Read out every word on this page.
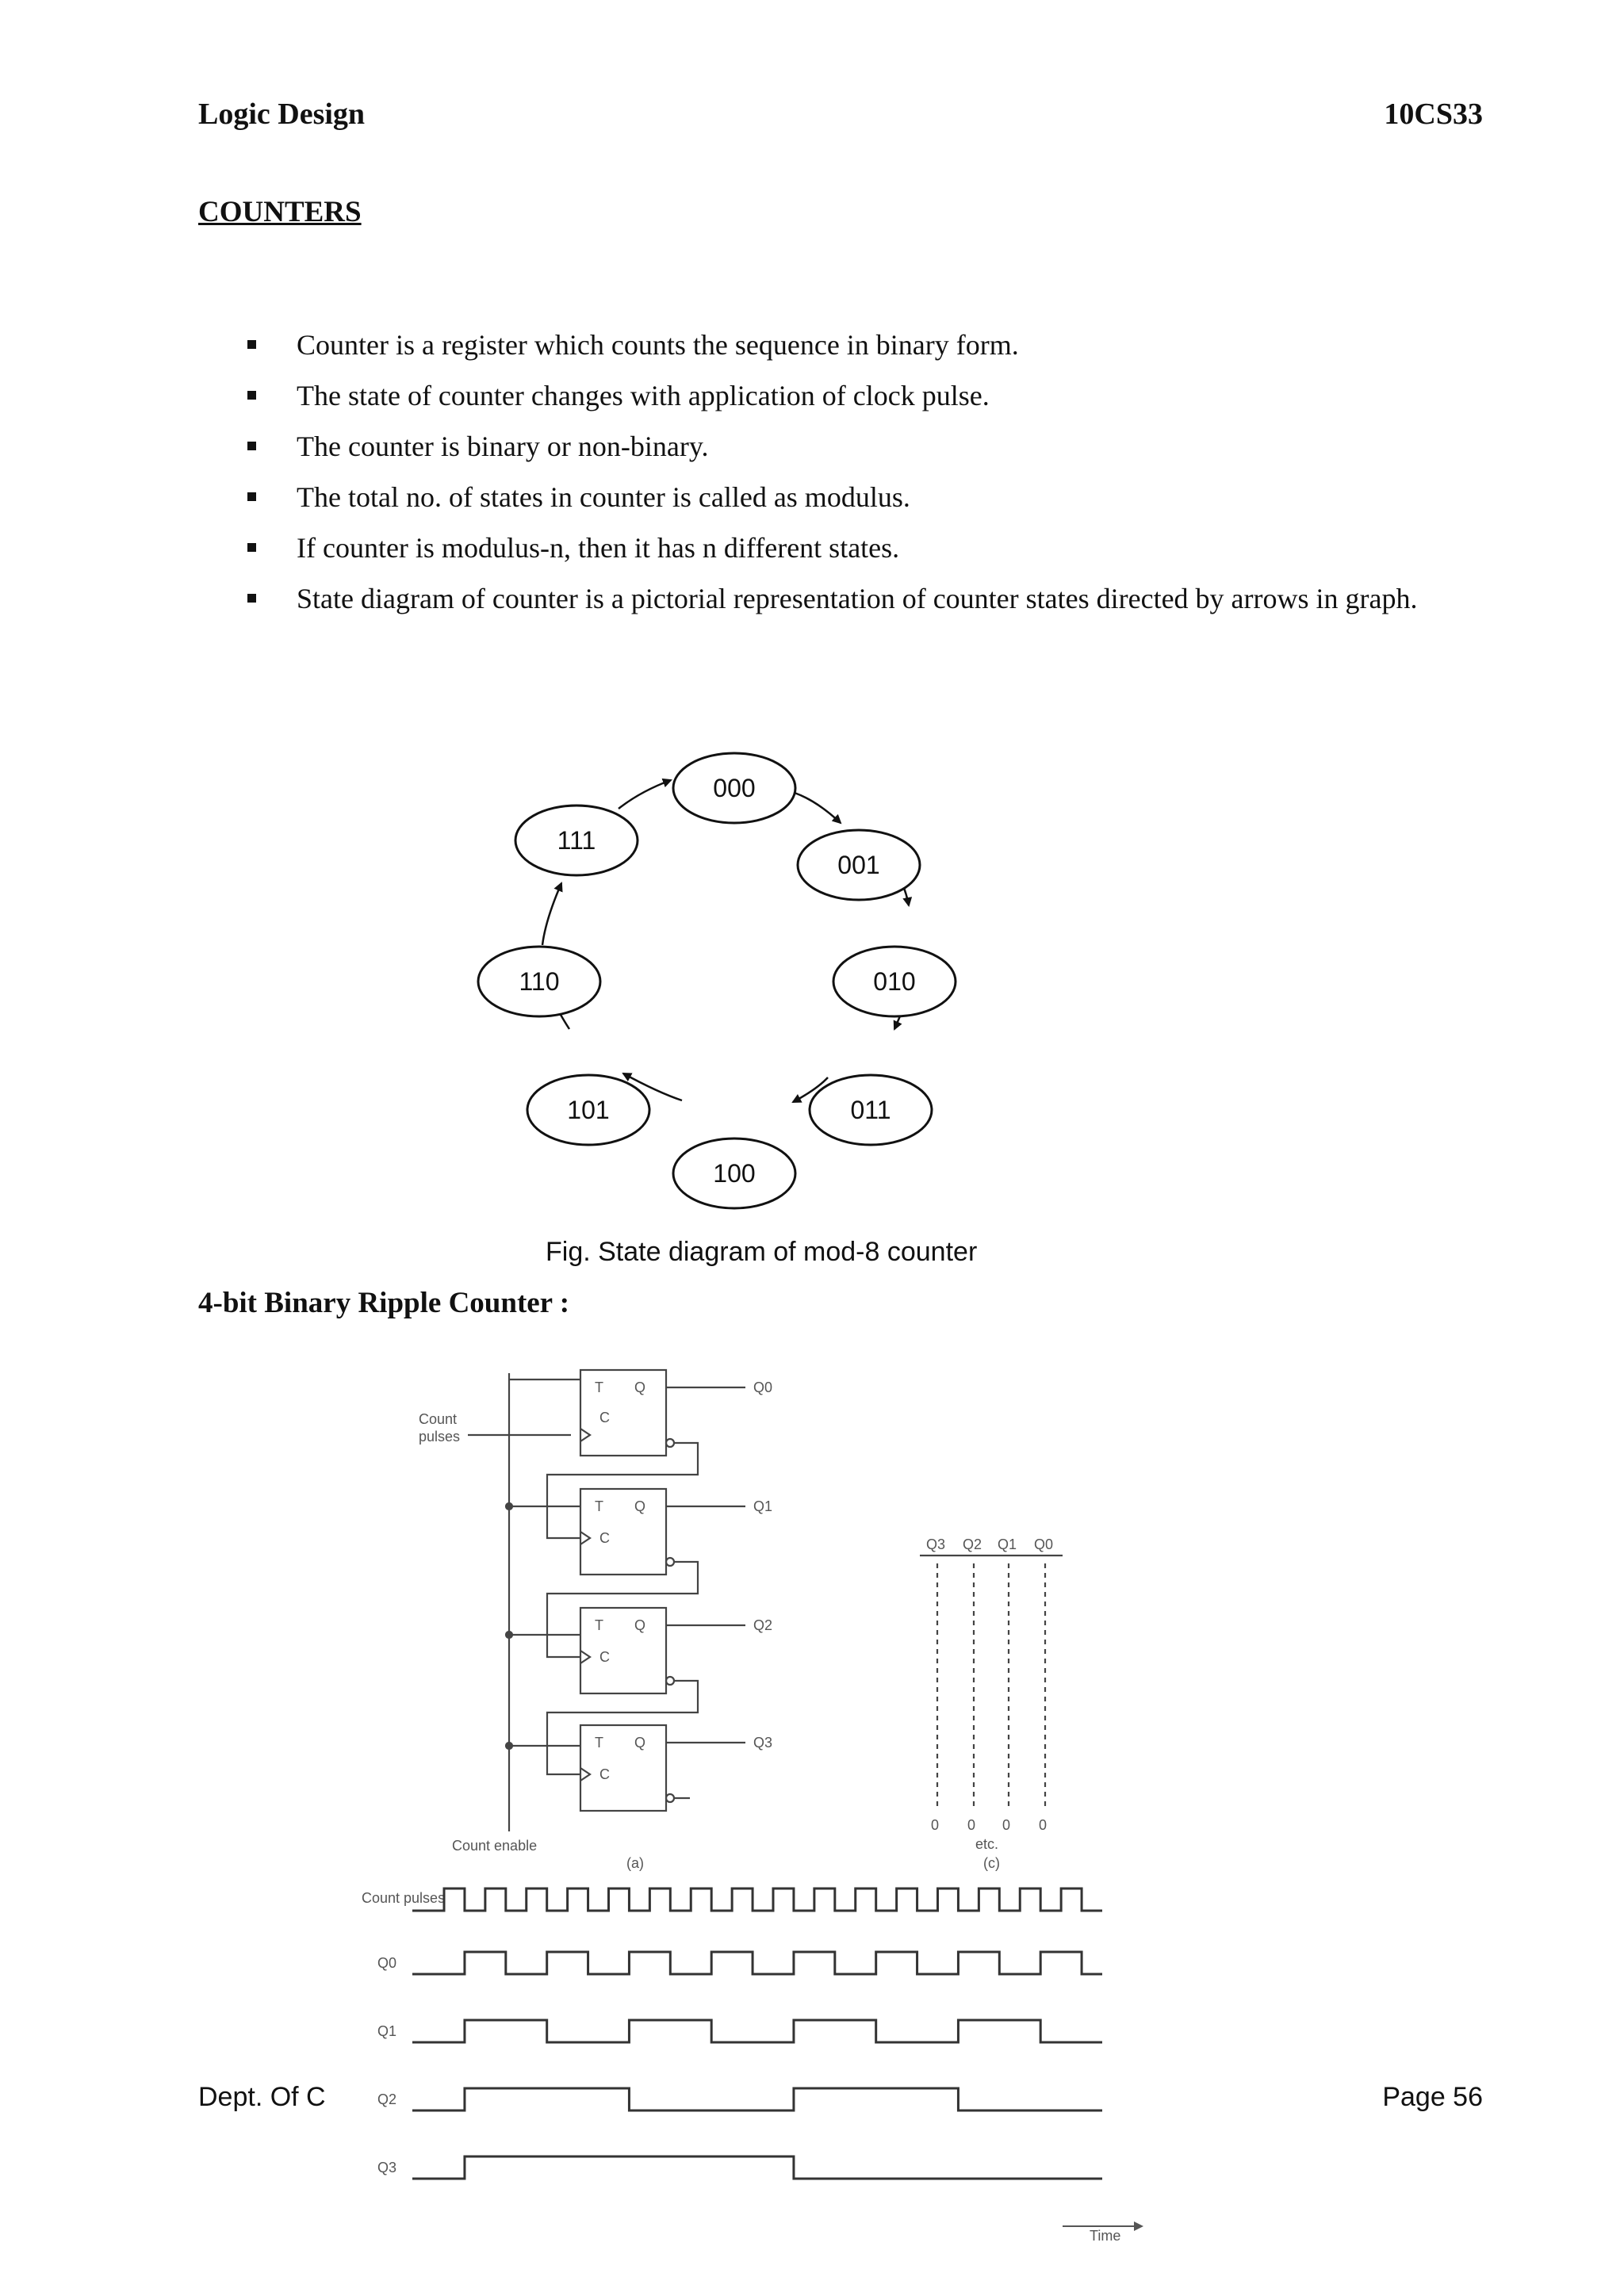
Logic Design	10CS33
COUNTERS
Counter is a register which counts the sequence in binary form.
The state of counter changes with application of clock pulse.
The counter is binary or non-binary.
The total no. of states in counter is called as modulus.
If counter is modulus-n, then it has n different states.
State diagram of counter is a pictorial representation of counter states directed by arrows in graph.
000
001
010
011
100
101
110
111
Fig. State diagram of mod-8 counter
4-bit Binary Ripple Counter :
Count
pulses
Count enable
T
C
Q
T
C
Q
T
C
Q
T
C
Q
Q0
Q1
Q2
Q3
(a)	(c)
Q3 Q2 Q1 Q0
0 0 0 0
etc.
Count pulses
Q0
Q1
Q2
Q3
Time
Dept. Of C	Page 56
